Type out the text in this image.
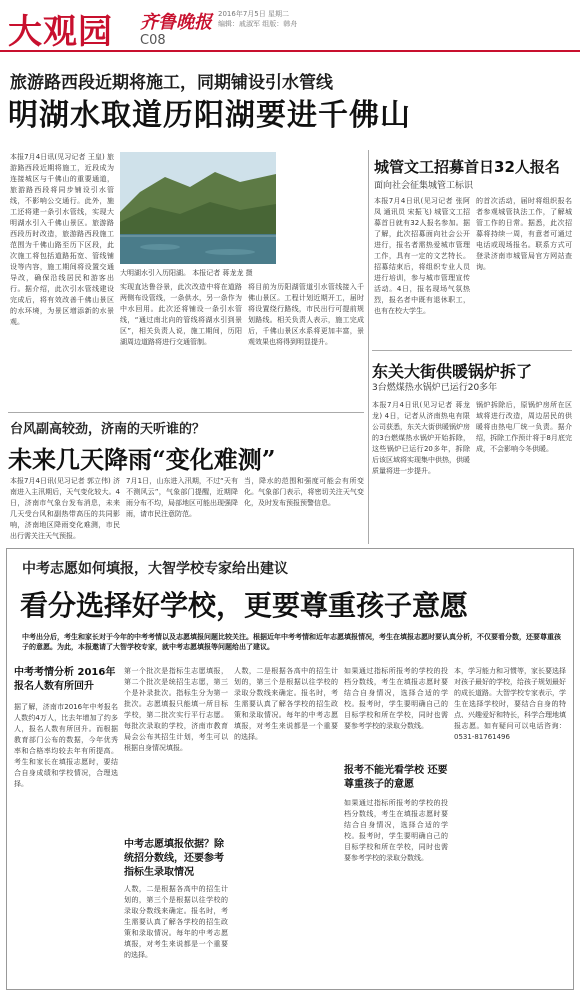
大观园 齐鲁晚报 2016年7月5日 星期二
编辑：戚淑军 组版：韩舟
C08
旅游路西段近期将施工，同期铺设引水管线
明湖水取道历阳湖要进千佛山
本报7月4日讯(见习记者 王皇) 旅游路西段近期将施工，近段成为连接城区与千佛山的重要通道，旅游路西段将同步铺设引水管线，不影响公交通行。此外，施工还将建一条引水管线，实现大明湖水引入千佛山景区。旅游路西段历时改造，旅游路西段施工范围为千佛山路至历下区段，此次施工将包括道路拓宽、管线铺设等内容，施工期间将设置交通导改，确保沿线居民和游客出行。据介绍，此次引水管线建设完成后，将有效改善千佛山景区的水环境，为景区增添新的水景观。
大明湖水引入历阳湖。 本报记者 蒋龙龙 摄
实现直达鲁谷景，此次改造中将在道路两侧布设管线，一条供水，另一条作为中水回用。此次还将铺设一条引水管线，“通过南北向的管线将湖水引到景区”，相关负责人说，施工期间，历阳湖周边道路将进行交通管制。
将目前为历阳湖管道引水管线接入千佛山景区。工程计划近期开工，届时将设置绕行路线，市民出行可提前规划路线。相关负责人表示，施工完成后，千佛山景区水系将更加丰富，景观效果也将得到明显提升。
城管文工招募首日32人报名
面向社会征集城管工标识
本报7月4日讯(见习记者 张阿凤 通讯员 宋振飞) 城管文工招募首日就有32人报名参加。据了解，此次招募面向社会公开进行，报名者需热爱城市管理工作，具有一定的文艺特长。招募结束后，将组织专业人员进行培训，参与城市管理宣传活动。4日，报名现场气氛热烈，报名者中既有退休职工，也有在校大学生。
的首次活动，届时将组织报名者参观城管执法工作，了解城管工作的日常。据悉，此次招募将持续一周，有意者可通过电话或现场报名。联系方式可登录济南市城管局官方网站查询。
东关大街供暖锅炉拆了
3台燃煤热水锅炉已运行20多年
本报7月4日讯(见习记者 蒋龙龙) 4日，记者从济南热电有限公司获悉，东关大街供暖锅炉房的3台燃煤热水锅炉开始拆除，这些锅炉已运行20多年，拆除后该区域将实现集中供热，供暖质量将进一步提升。
锅炉拆除后，原锅炉房所在区域将进行改造，周边居民的供暖将由热电厂统一负责。据介绍，拆除工作预计将于8月底完成，不会影响今冬供暖。
台风副高较劲，济南的天听谁的？
未来几天降雨“变化难测”
本报7月4日讯(见习记者 郭立伟) 济南进入主汛期后，天气变化较大。4日，济南市气象台发布消息，未来几天受台风和副热带高压的共同影响，济南地区降雨变化难测，市民出行需关注天气预报。
7月1日，山东进入汛期，不过“天有不测风云”，气象部门提醒，近期降雨分布不均，局部地区可能出现强降雨，请市民注意防范。
当，降水的范围和强度可能会有所变化。气象部门表示，将密切关注天气变化，及时发布预报预警信息。
中考志愿如何填报，大智学校专家给出建议
看分选择好学校，更要尊重孩子意愿
中考出分后，考生和家长对于今年的中考考情以及志愿填报问题比较关注。根据近年中考考情和近年志愿填报情况，考生在填报志愿时要认真分析，不仅要看分数，还要尊重孩子的意愿。为此，本报邀请了大智学校专家，就中考志愿填报等问题给出了建议。
中考考情分析 2016年报名人数有所回升
据了解，济南市2016年中考报名人数约4万人，比去年增加了约多人，报名人数有所回升。而根据教育部门公布的数据，今年优秀率和合格率均较去年有所提高。考生和家长在填报志愿时，要结合自身成绩和学校情况，合理选择。
第一个批次是指标生志愿填报，第二个批次是统招生志愿，第三个是补录批次。指标生分为第一批次。志愿填报只能填一所目标学校，第二批次实行平行志愿。每批次录取的学校，济南市教育局会公布其招生计划，考生可以根据自身情况填报。
中考志愿填报依据？除统招分数线，还要参考指标生录取情况
人数，二是根据各高中的招生计划的，第三个是根据以往学校的录取分数线来确定。报名时，考生需要认真了解各学校的招生政策和录取情况。每年的中考志愿填报，对考生来说都是一个重要的选择。
人数，二是根据各高中的招生计划的，第三个是根据以往学校的录取分数线来确定。报名时，考生需要认真了解各学校的招生政策和录取情况。每年的中考志愿填报，对考生来说都是一个重要的选择。
如果通过指标所报考的学校的投档分数线，考生在填报志愿时要结合自身情况，选择合适的学校。报考时，学生要明确自己的目标学校和所在学校，同时也需要参考学校的录取分数线。
报考不能光看学校 还要尊重孩子的意愿
如果通过指标所报考的学校的投档分数线，考生在填报志愿时要结合自身情况，选择合适的学校。报考时，学生要明确自己的目标学校和所在学校，同时也需要参考学校的录取分数线。
本，学习能力和习惯等，家长要选择对孩子最好的学校，给孩子规划最好的成长道路。大智学校专家表示，学生在选择学校时，要结合自身的特点、兴趣爱好和特长，科学合理地填报志愿。如有疑问可以电话咨询：0531-81761496
